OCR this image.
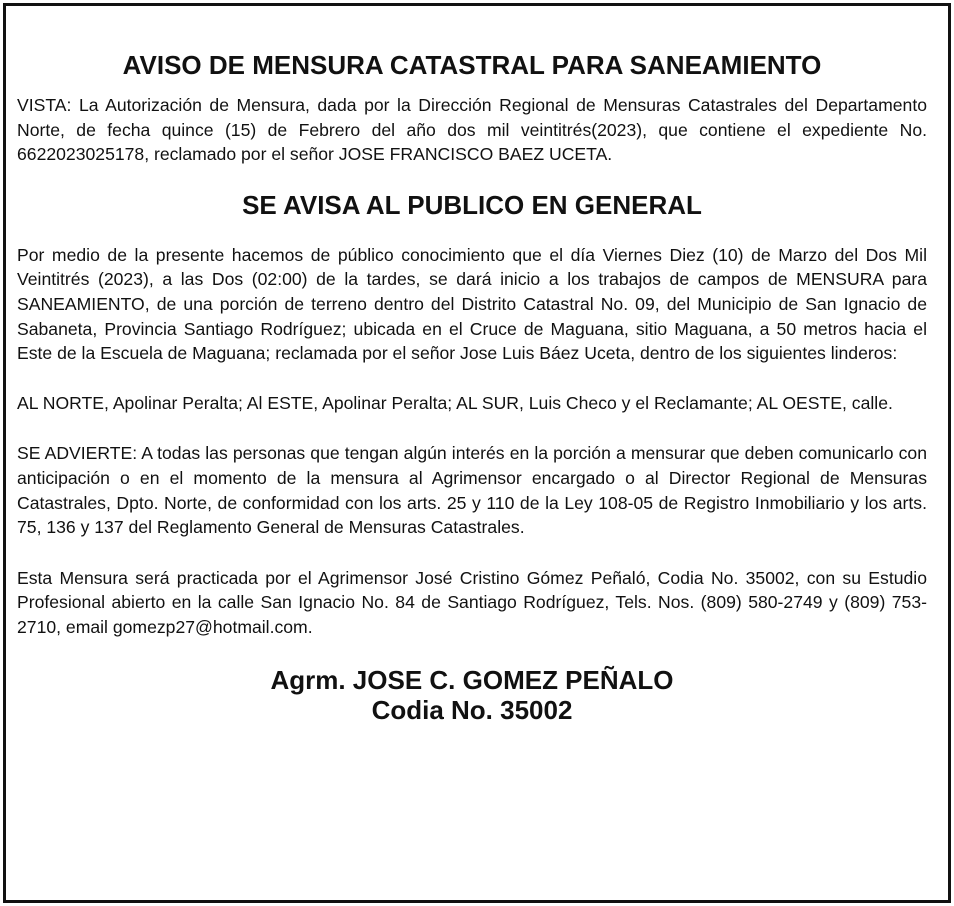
AVISO DE MENSURA CATASTRAL PARA SANEAMIENTO

VISTA: La Autorización de Mensura, dada por la Dirección Regional de Mensuras Catastrales del Departamento Norte, de fecha quince (15) de Febrero del año dos mil veintitrés(2023), que contiene el expediente No. 6622023025178, reclamado por el señor JOSE FRANCISCO BAEZ UCETA.

SE AVISA AL PUBLICO EN GENERAL

Por medio de la presente hacemos de público conocimiento que el día Viernes Diez (10) de Marzo del Dos Mil Veintitrés (2023), a las Dos (02:00) de la tardes, se dará inicio a los trabajos de campos de MENSURA para SANEAMIENTO, de una porción de terreno dentro del Distrito Catastral No. 09, del Municipio de San Ignacio de Sabaneta, Provincia Santiago Rodríguez; ubicada en el Cruce de Maguana, sitio Maguana, a 50 metros hacia el Este de la Escuela de Maguana; reclamada por el señor Jose Luis Báez Uceta, dentro de los siguientes linderos:

AL NORTE, Apolinar Peralta; Al ESTE, Apolinar Peralta; AL SUR, Luis Checo y el Reclamante; AL OESTE, calle.

SE ADVIERTE: A todas las personas que tengan algún interés en la porción a mensurar que deben comunicarlo con anticipación o en el momento de la mensura al Agrimensor encargado o al Director Regional de Mensuras Catastrales, Dpto. Norte, de conformidad con los arts. 25 y 110 de la Ley 108-05 de Registro Inmobiliario y los arts. 75, 136 y 137 del Reglamento General de Mensuras Catastrales.

Esta Mensura será practicada por el Agrimensor José Cristino Gómez Peñaló, Codia No. 35002, con su Estudio Profesional abierto en la calle San Ignacio No. 84 de Santiago Rodríguez, Tels. Nos. (809) 580-2749 y (809) 753-2710, email gomezp27@hotmail.com.

Agrm. JOSE C. GOMEZ PEÑALO

Codia No. 35002
